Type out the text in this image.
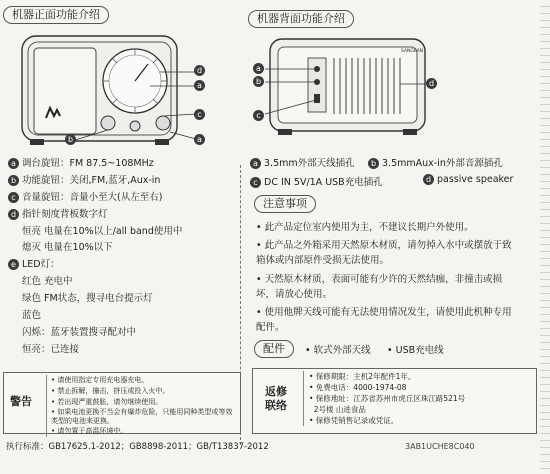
机器正面功能介绍
d
a
b
c
a
机器背面功能介绍
SANGEAN
a
b
c
d
a 调台旋钮：FM 87.5~108MHz
b 功能旋钮：关闭,FM,蓝牙,Aux-in
c 音量旋钮：音量小至大(从左至右)
d 指针刻度背板数字灯
恒亮 电量在10%以上/all band使用中
熄灭 电量在10%以下
e LED灯：
红色 充电中
绿色 FM状态，搜寻电台提示灯
蓝色
闪烁：蓝牙装置搜寻配对中
恒亮：已连接
a 3.5mm外部天线插孔	b 3.5mmAux-in外部音源插孔
c DC IN 5V/1A USB充电插孔	d passive speaker
注意事项
• 此产品定位室内使用为主，不建议长期户外使用。
• 此产品之外箱采用天然原木材质，请勿掉入水中或摆放于致箱体或内部原件受损无法使用。
• 天然原木材质，表面可能有少许的天然结痂，非撞击或损坏，请放心使用。
• 使用他牌天线可能有无法使用情况发生，请使用此机种专用配件。
配件	• 软式外部天线 • USB充电线
警告
• 请使用指定专用充电器充电。
• 禁止拆解，撞击，挤压或投入火中。
• 若出现严重鼓胀，请勿继续使用。
• 如果电池更换不当会有爆炸危险，只能用同种类型或等效类型的电池来更换。
• 请勿置于高温环境中。
返修
联络
• 保修期限：主机2年配件1年。
• 免费电话：4000-1974-08
• 保修地址：江苏省苏州市虎丘区珠江路521号
2号楼 山进食品
• 保修凭销售记录或凭证。
执行标准：GB17625.1-2012；GB8898-2011；GB/T13837-2012	3AB1UCHE8C040
